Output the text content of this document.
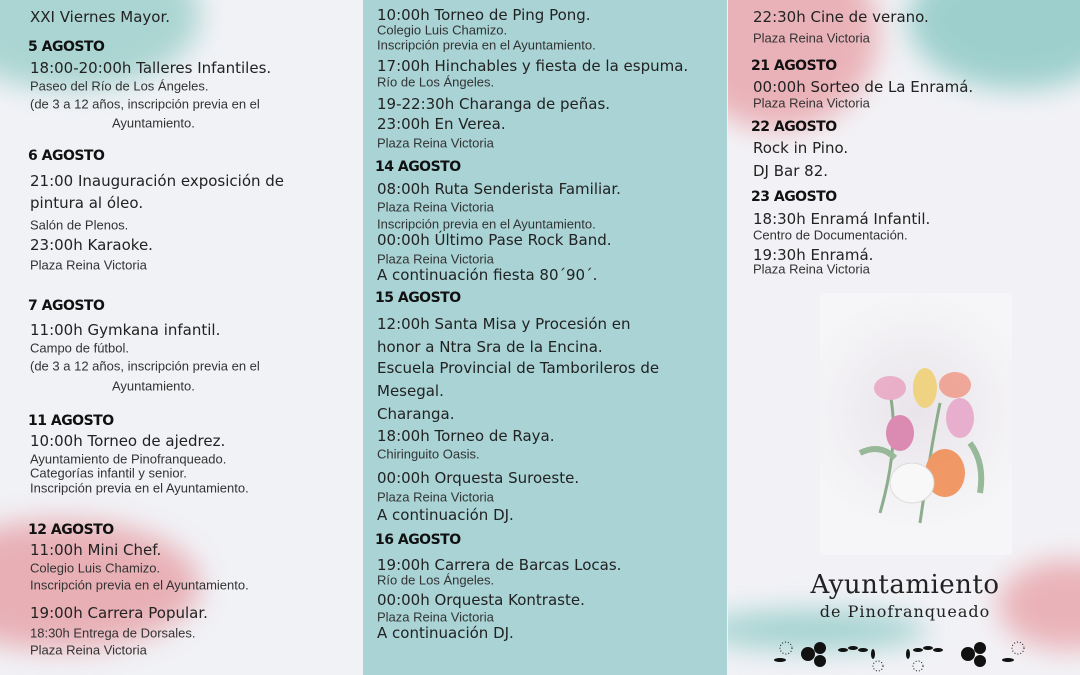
XXI Viernes Mayor.
5 AGOSTO
18:00-20:00h Talleres Infantiles.
Paseo del Río de Los Ángeles.
(de 3 a 12 años, inscripción previa en el
Ayuntamiento.
6 AGOSTO
21:00 Inauguración exposición de
pintura al óleo.
Salón de Plenos.
23:00h Karaoke.
Plaza Reina Victoria
7 AGOSTO
11:00h Gymkana infantil.
Campo de fútbol.
(de 3 a 12 años, inscripción previa en el
Ayuntamiento.
11 AGOSTO
10:00h Torneo de ajedrez.
Ayuntamiento de Pinofranqueado.
Categorías infantil y senior.
Inscripción previa en el Ayuntamiento.
12 AGOSTO
11:00h Mini Chef.
Colegio Luis Chamizo.
Inscripción previa en el Ayuntamiento.
19:00h Carrera Popular.
18:30h Entrega de Dorsales.
Plaza Reina Victoria
10:00h Torneo de Ping Pong.
Colegio Luis Chamizo.
Inscripción previa en el Ayuntamiento.
17:00h Hinchables y fiesta de la espuma.
Río de Los Ángeles.
19-22:30h Charanga de peñas.
23:00h En Verea.
Plaza Reina Victoria
14 AGOSTO
08:00h Ruta Senderista Familiar.
Plaza Reina Victoria
Inscripción previa en el Ayuntamiento.
00:00h Último Pase Rock Band.
Plaza Reina Victoria
A continuación fiesta 80´90´.
15 AGOSTO
12:00h Santa Misa y Procesión en
honor a Ntra Sra de la Encina.
Escuela Provincial de Tamborileros de
Mesegal.
Charanga.
18:00h Torneo de Raya.
Chiringuito Oasis.
00:00h Orquesta Suroeste.
Plaza Reina Victoria
A continuación DJ.
16 AGOSTO
19:00h Carrera de Barcas Locas.
Río de Los Ángeles.
00:00h Orquesta Kontraste.
Plaza Reina Victoria
A continuación DJ.
Ayuntamiento
de Pinofranqueado
22:30h Cine de verano.
Plaza Reina Victoria
21 AGOSTO
00:00h Sorteo de La Enramá.
Plaza Reina Victoria
22 AGOSTO
Rock in Pino.
DJ Bar 82.
23 AGOSTO
18:30h Enramá Infantil.
Centro de Documentación.
19:30h Enramá.
Plaza Reina Victoria
